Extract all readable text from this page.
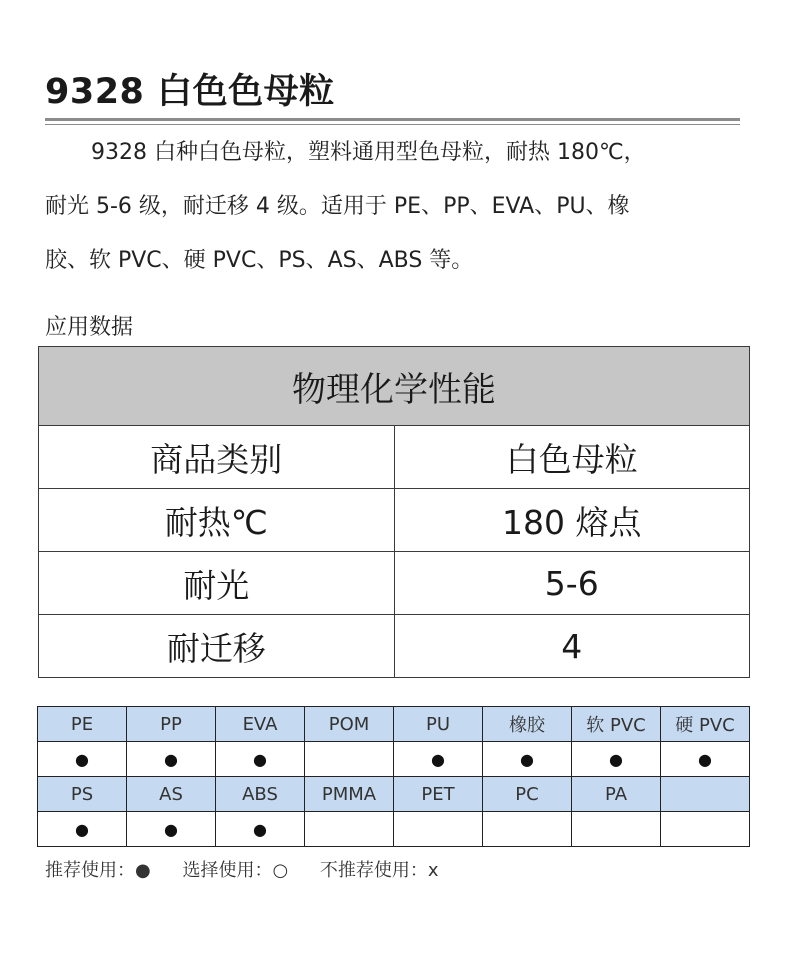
9328 白色色母粒
9328 白种白色母粒，塑料通用型色母粒，耐热 180℃，
耐光 5-6 级，耐迁移 4 级。适用于 PE、PP、EVA、PU、橡
胶、软 PVC、硬 PVC、PS、AS、ABS 等。
应用数据
物理化学性能	
商品类别	白色母粒
耐热℃	180 熔点
耐光	5-6
耐迁移	4
PE	PP	EVA	POM	PU	橡胶	软 PVC	硬 PVC
●	●	●		●	●	●	●
PS	AS	ABS	PMMA	PET	PC	PA	
●	●	●					
推荐使用：● 选择使用：○ 不推荐使用：x
